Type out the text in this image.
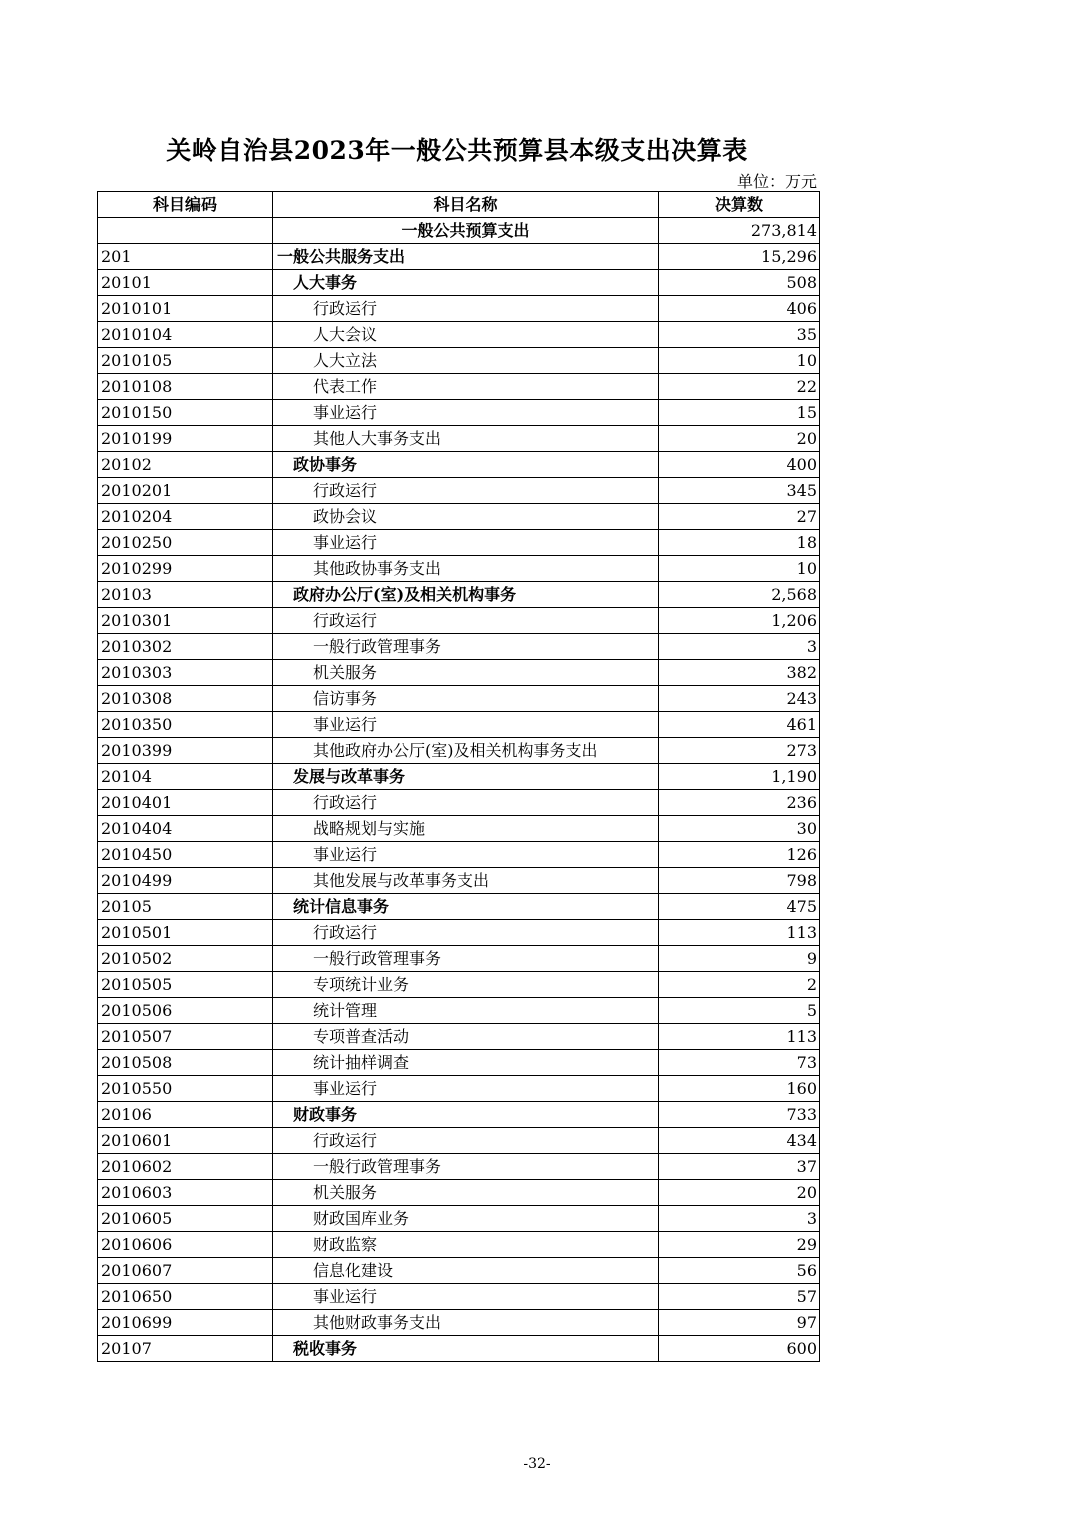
关岭自治县2023年一般公共预算县本级支出决算表
单位：万元
科目编码	科目名称	决算数
	一般公共预算支出	273,814
201	一般公共服务支出	15,296
20101	人大事务	508
2010101	行政运行	406
2010104	人大会议	35
2010105	人大立法	10
2010108	代表工作	22
2010150	事业运行	15
2010199	其他人大事务支出	20
20102	政协事务	400
2010201	行政运行	345
2010204	政协会议	27
2010250	事业运行	18
2010299	其他政协事务支出	10
20103	政府办公厅(室)及相关机构事务	2,568
2010301	行政运行	1,206
2010302	一般行政管理事务	3
2010303	机关服务	382
2010308	信访事务	243
2010350	事业运行	461
2010399	其他政府办公厅(室)及相关机构事务支出	273
20104	发展与改革事务	1,190
2010401	行政运行	236
2010404	战略规划与实施	30
2010450	事业运行	126
2010499	其他发展与改革事务支出	798
20105	统计信息事务	475
2010501	行政运行	113
2010502	一般行政管理事务	9
2010505	专项统计业务	2
2010506	统计管理	5
2010507	专项普查活动	113
2010508	统计抽样调查	73
2010550	事业运行	160
20106	财政事务	733
2010601	行政运行	434
2010602	一般行政管理事务	37
2010603	机关服务	20
2010605	财政国库业务	3
2010606	财政监察	29
2010607	信息化建设	56
2010650	事业运行	57
2010699	其他财政事务支出	97
20107	税收事务	600
-32-
